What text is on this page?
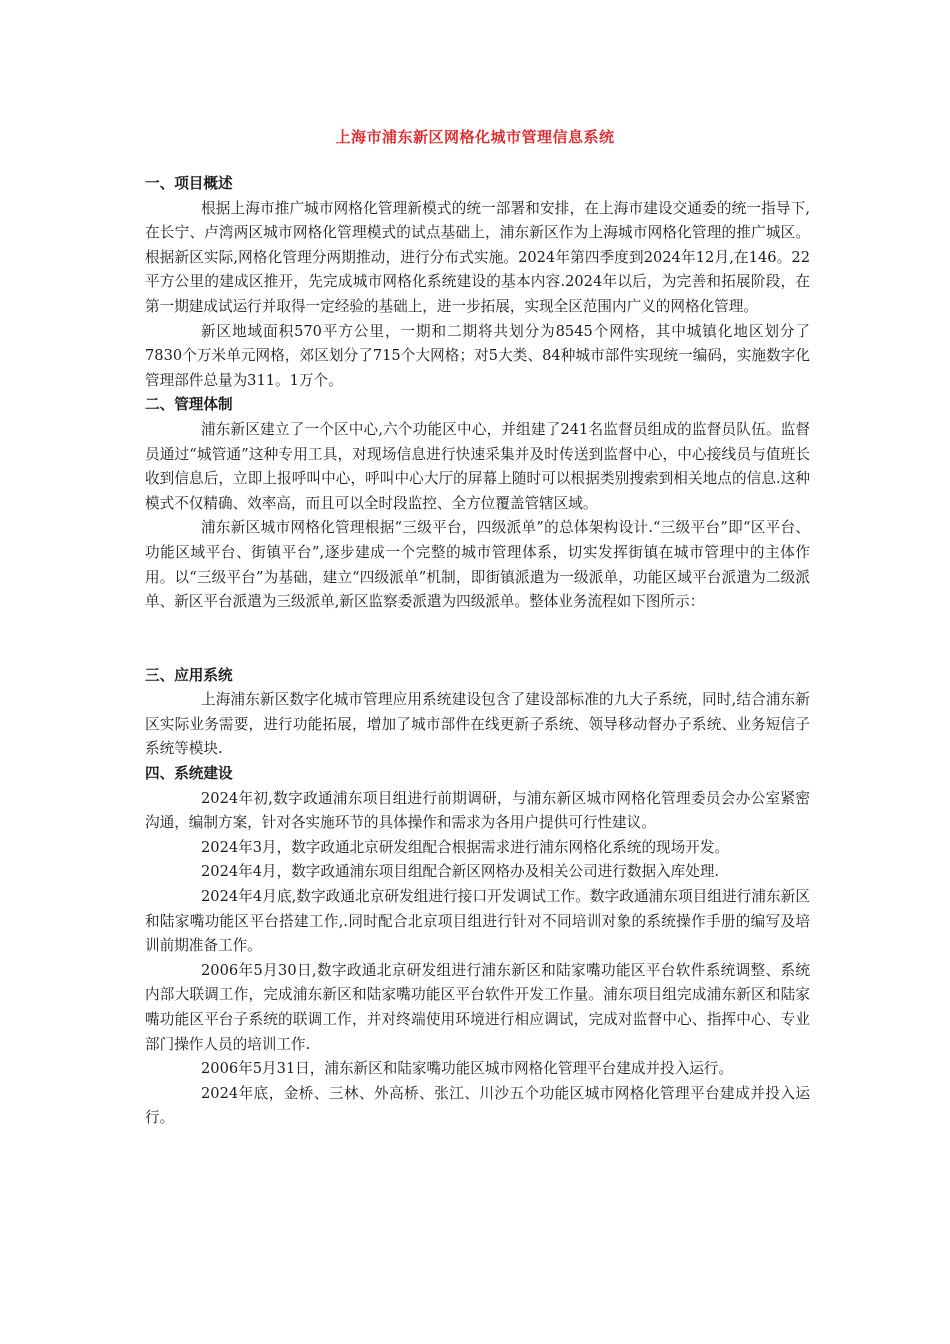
上海市浦东新区网格化城市管理信息系统

一、项目概述

根据上海市推广城市网格化管理新模式的统一部署和安排，在上海市建设交通委的统一指导下,在长宁、卢湾两区城市网格化管理模式的试点基础上，浦东新区作为上海城市网格化管理的推广城区。根据新区实际,网格化管理分两期推动，进行分布式实施。2024年第四季度到2024年12月,在146。22平方公里的建成区推开，先完成城市网格化系统建设的基本内容.2024年以后，为完善和拓展阶段，在第一期建成试运行并取得一定经验的基础上，进一步拓展，实现全区范围内广义的网格化管理。

新区地域面积570平方公里，一期和二期将共划分为8545个网格，其中城镇化地区划分了7830个万米单元网格，郊区划分了715个大网格；对5大类、84种城市部件实现统一编码，实施数字化管理部件总量为311。1万个。

二、管理体制

浦东新区建立了一个区中心,六个功能区中心，并组建了241名监督员组成的监督员队伍。监督员通过“城管通”这种专用工具，对现场信息进行快速采集并及时传送到监督中心，中心接线员与值班长收到信息后，立即上报呼叫中心，呼叫中心大厅的屏幕上随时可以根据类别搜索到相关地点的信息.这种模式不仅精确、效率高，而且可以全时段监控、全方位覆盖管辖区域。

浦东新区城市网格化管理根据“三级平台，四级派单”的总体架构设计.“三级平台”即“区平台、功能区域平台、街镇平台”,逐步建成一个完整的城市管理体系，切实发挥街镇在城市管理中的主体作用。以“三级平台”为基础，建立“四级派单”机制，即街镇派遣为一级派单，功能区域平台派遣为二级派单、新区平台派遣为三级派单,新区监察委派遣为四级派单。整体业务流程如下图所示：

三、应用系统

上海浦东新区数字化城市管理应用系统建设包含了建设部标准的九大子系统，同时,结合浦东新区实际业务需要，进行功能拓展，增加了城市部件在线更新子系统、领导移动督办子系统、业务短信子系统等模块.

四、系统建设

2024年初,数字政通浦东项目组进行前期调研，与浦东新区城市网格化管理委员会办公室紧密沟通，编制方案，针对各实施环节的具体操作和需求为各用户提供可行性建议。

2024年3月，数字政通北京研发组配合根据需求进行浦东网格化系统的现场开发。

2024年4月，数字政通浦东项目组配合新区网格办及相关公司进行数据入库处理.

2024年4月底,数字政通北京研发组进行接口开发调试工作。数字政通浦东项目组进行浦东新区和陆家嘴功能区平台搭建工作,.同时配合北京项目组进行针对不同培训对象的系统操作手册的编写及培训前期准备工作。

2006年5月30日,数字政通北京研发组进行浦东新区和陆家嘴功能区平台软件系统调整、系统内部大联调工作，完成浦东新区和陆家嘴功能区平台软件开发工作量。浦东项目组完成浦东新区和陆家嘴功能区平台子系统的联调工作，并对终端使用环境进行相应调试，完成对监督中心、指挥中心、专业部门操作人员的培训工作.

2006年5月31日，浦东新区和陆家嘴功能区城市网格化管理平台建成并投入运行。

2024年底，金桥、三林、外高桥、张江、川沙五个功能区城市网格化管理平台建成并投入运行。
